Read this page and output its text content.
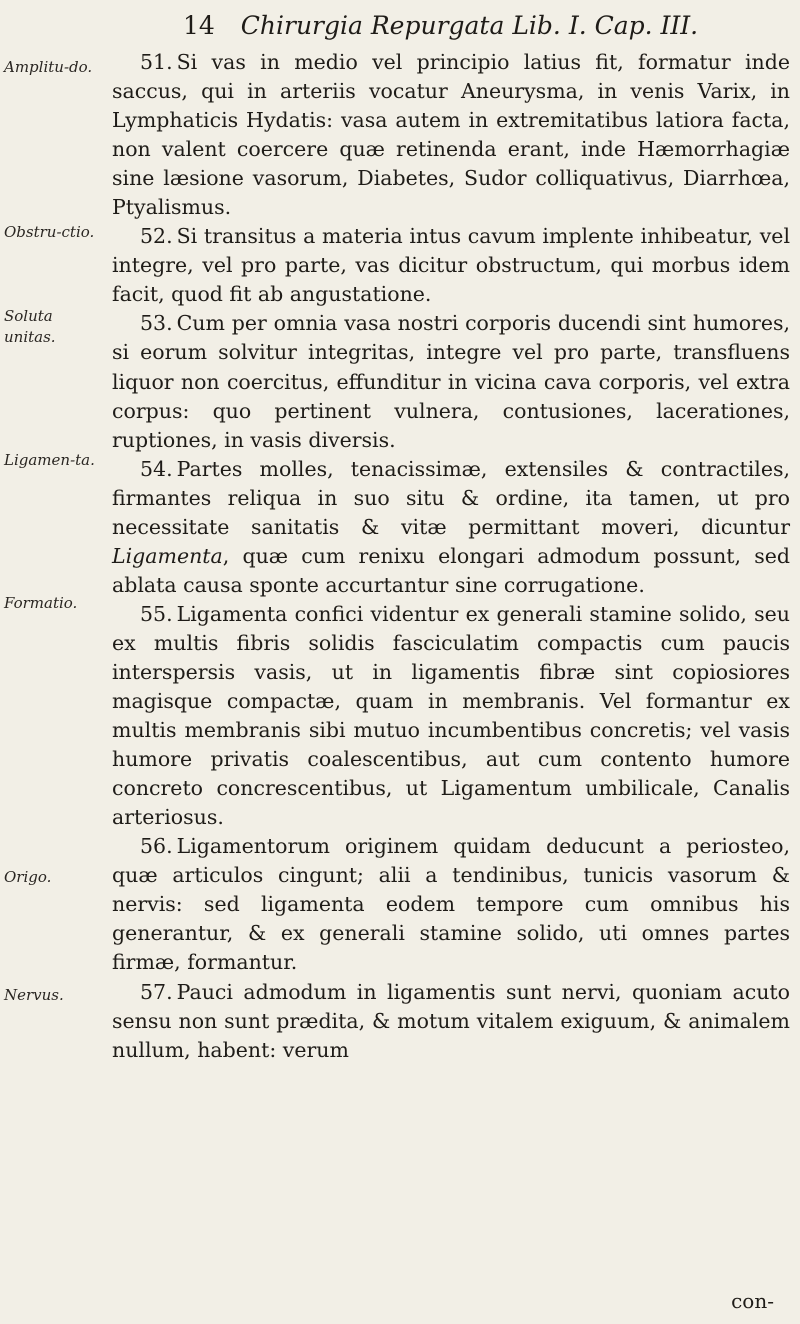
14 Chirurgia Repurgata Lib. I. Cap. III.
Amplitu-do.
Obstru-ctio.
Soluta unitas.
Ligamen-ta.
Formatio.
Origo.
Nervus.

51. Si vas in medio vel principio latius fit, formatur inde saccus, qui in arteriis vocatur Aneurysma, in venis Varix, in Lymphaticis Hydatis: vasa autem in extremitatibus latiora facta, non valent coercere quæ retinenda erant, inde Hæmorrhagiæ sine læsione vasorum, Diabetes, Sudor colliquativus, Diarrhœa, Ptyalismus.

52. Si transitus a materia intus cavum implente inhibeatur, vel integre, vel pro parte, vas dicitur obstructum, qui morbus idem facit, quod fit ab angustatione.

53. Cum per omnia vasa nostri corporis ducendi sint humores, si eorum solvitur integritas, integre vel pro parte, transfluens liquor non coercitus, effunditur in vicina cava corporis, vel extra corpus: quo pertinent vulnera, contusiones, lacerationes, ruptiones, in vasis diversis.

54. Partes molles, tenacissimæ, extensiles & contractiles, firmantes reliqua in suo situ & ordine, ita tamen, ut pro necessitate sanitatis & vitæ permittant moveri, dicuntur Ligamenta, quæ cum renixu elongari admodum possunt, sed ablata causa sponte accurtantur sine corrugatione.

55. Ligamenta confici videntur ex generali stamine solido, seu ex multis fibris solidis fasciculatim compactis cum paucis interspersis vasis, ut in ligamentis fibræ sint copiosiores magisque compactæ, quam in membranis. Vel formantur ex multis membranis sibi mutuo incumbentibus concretis; vel vasis humore privatis coalescentibus, aut cum contento humore concreto concrescentibus, ut Ligamentum umbilicale, Canalis arteriosus.

56. Ligamentorum originem quidam deducunt a periosteo, quæ articulos cingunt; alii a tendinibus, tunicis vasorum & nervis: sed ligamenta eodem tempore cum omnibus his generantur, & ex generali stamine solido, uti omnes partes firmæ, formantur.

57. Pauci admodum in ligamentis sunt nervi, quoniam acuto sensu non sunt prædita, & motum vitalem exiguum, & animalem nullum, habent: verum

con-
